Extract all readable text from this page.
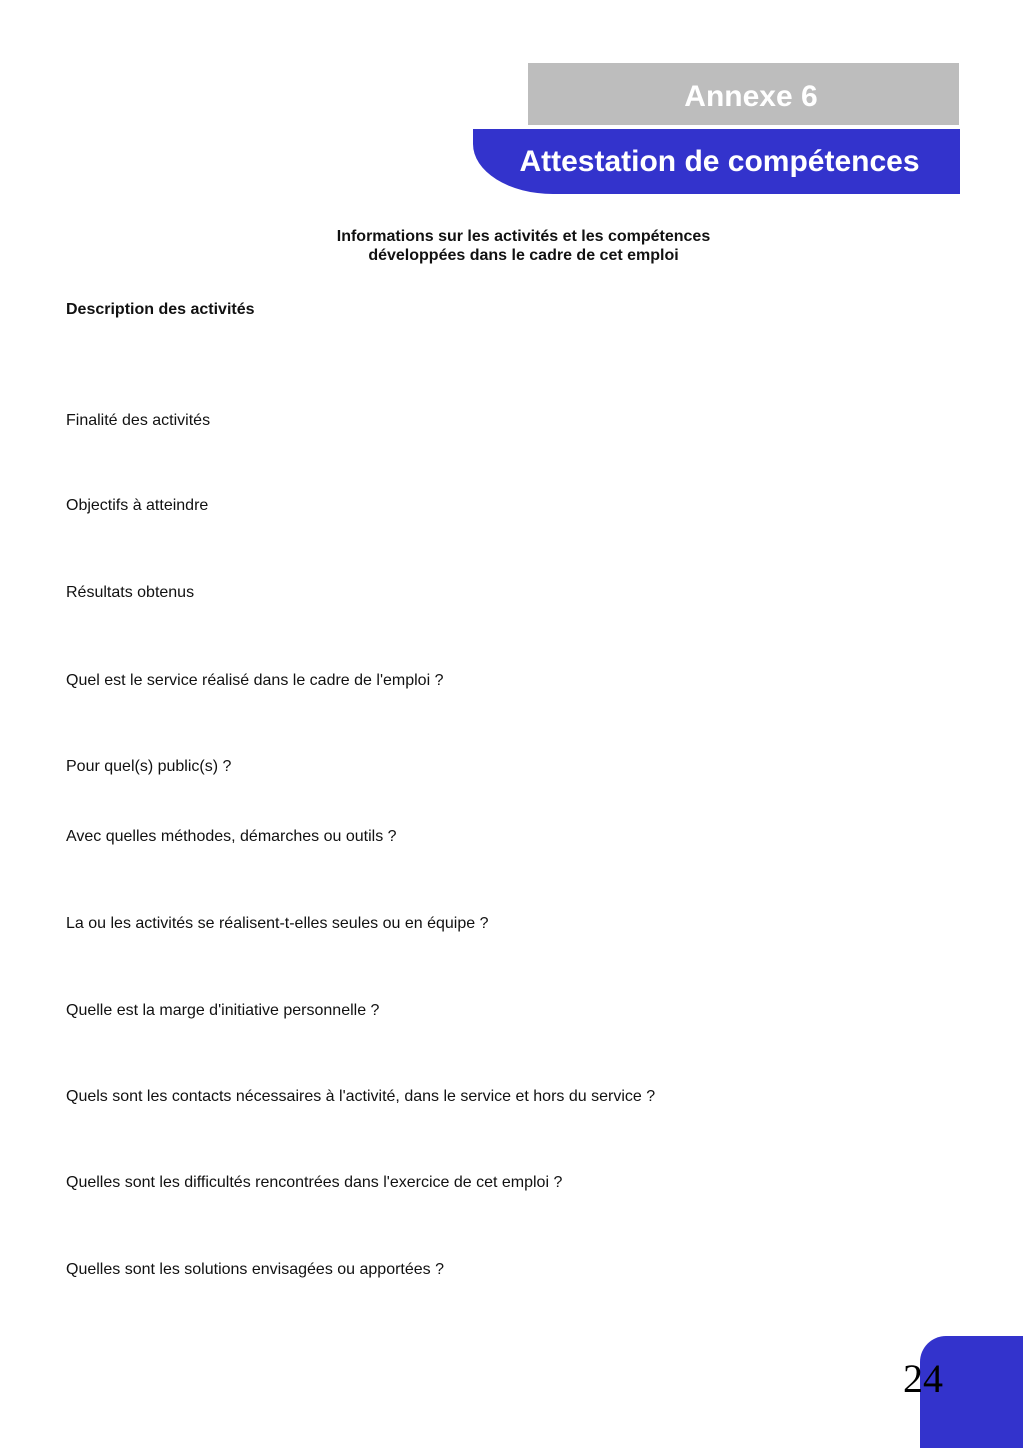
Annexe 6
Attestation de compétences
Informations sur les activités et les compétences
développées dans le cadre de cet emploi
Description des activités
Finalité des activités
Objectifs à atteindre
Résultats obtenus
Quel est le service réalisé dans le cadre de l'emploi ?
Pour quel(s) public(s) ?
Avec quelles méthodes, démarches ou outils ?
La ou les activités se réalisent-t-elles seules ou en équipe ?
Quelle est la marge d'initiative personnelle ?
Quels sont les contacts nécessaires à l'activité, dans le service et hors du service ?
Quelles sont les difficultés rencontrées dans l'exercice de cet emploi ?
Quelles sont les solutions envisagées ou apportées ?
24
